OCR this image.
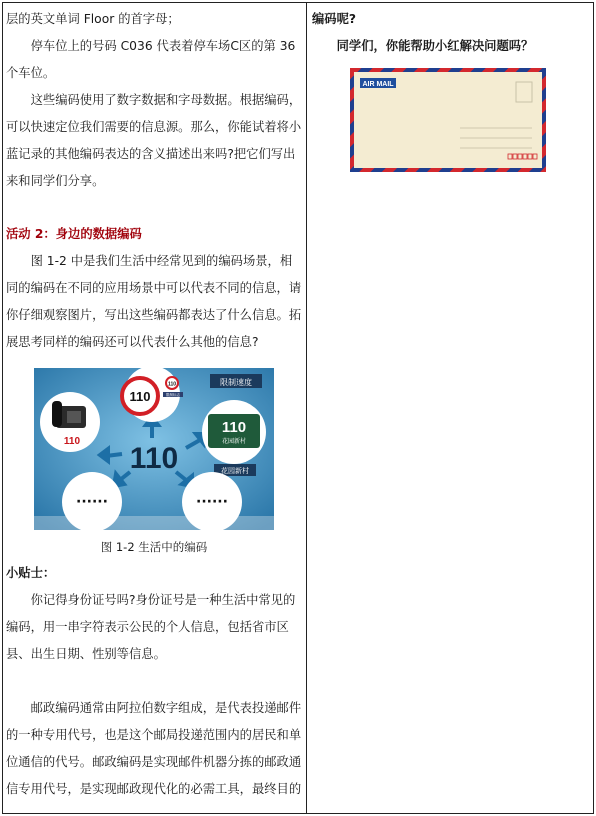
层的英文单词 Floor 的首字母；

停车位上的号码 C036 代表着停车场C区的第 36 个车位。

这些编码使用了数字数据和字母数据。根据编码，可以快速定位我们需要的信息源。那么，你能试着将小蓝记录的其他编码表达的含义描述出来吗?把它们写出来和同学们分享。

活动 2：身边的数据编码

图 1-2 中是我们生活中经常见到的编码场景，相同的编码在不同的应用场景中可以代表不同的信息，请你仔细观察图片，写出这些编码都表达了什么信息。拓展思考同样的编码还可以代表什么其他的信息?

110
110
限制标志
限制速度
110
110
110
花园新村
花园新村
······	······
图 1-2 生活中的编码

小贴士：

你记得身份证号吗?身份证号是一种生活中常见的编码，用一串字符表示公民的个人信息，包括省市区县、出生日期、性别等信息。

邮政编码通常由阿拉伯数字组成，是代表投递邮件的一种专用代号，也是这个邮局投递范围内的居民和单位通信的代号。邮政编码是实现邮件机器分拣的邮政通信专用代号，是实现邮政现代化的必需工具，最终目的

编码呢?

同学们，你能帮助小红解决问题吗？

AIR MAIL
